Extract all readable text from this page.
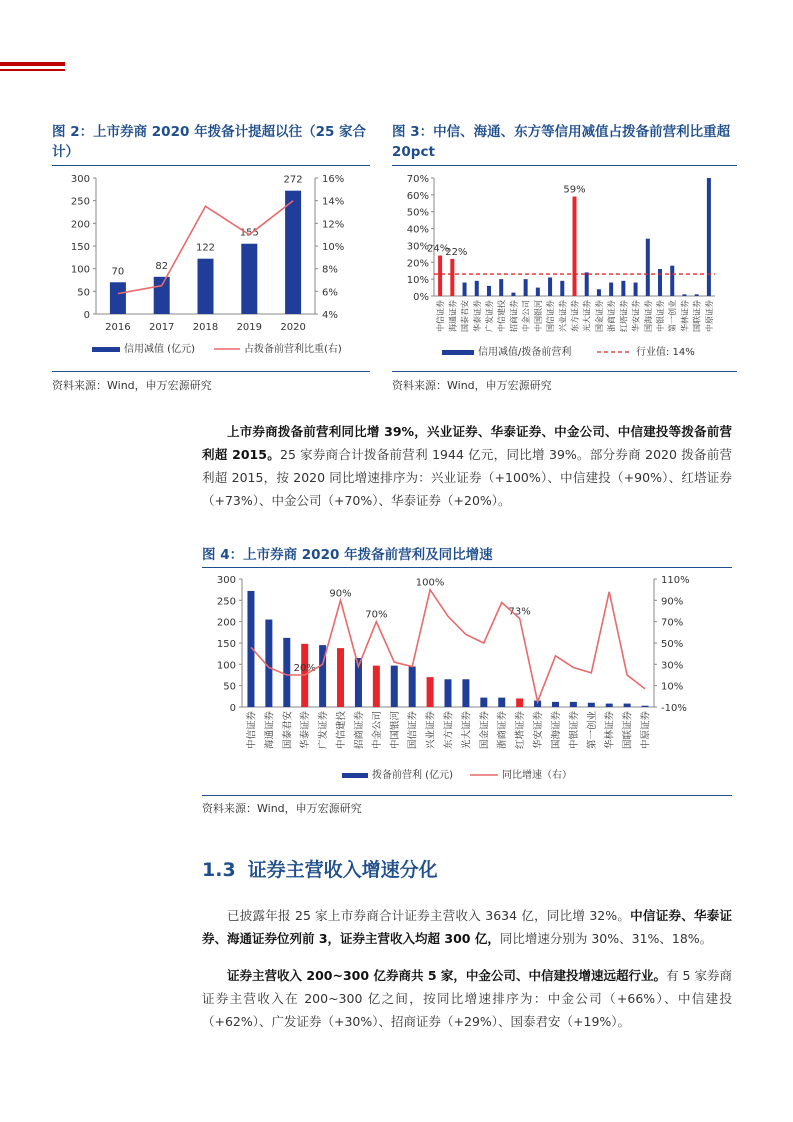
图 2：上市券商 2020 年拨备计提超以往（25 家合计）
0
50
100
150
200
250
300
4%
6%
8%
10%
12%
14%
16%
70
2016
82
2017
122
2018
155
2019
272
2020
信用减值 (亿元)	占拨备前营利比重(右)
资料来源：Wind，申万宏源研究
图 3：中信、海通、东方等信用减值占拨备前营利比重超 20pct
0%
10%
20%
30%
40%
50%
60%
70%
24%
中信证券
22%
海通证券 国泰君安 华泰证券 广发证券 中信建投 招商证券 中金公司 中国银河 国信证券 兴业证券
59%
东方证券 光大证券 国金证券 浙商证券 红塔证券 华安证券 国海证券 中银证券 第一创业 华林证券 国联证券 中原证券
信用减值/拨备前营利	行业值: 14%
资料来源：Wind，申万宏源研究
上市券商拨备前营利同比增 39%，兴业证券、华泰证券、中金公司、中信建投等拨备前营利超 2015。25 家券商合计拨备前营利 1944 亿元，同比增 39%。部分券商 2020 拨备前营利超 2015，按 2020 同比增速排序为：兴业证券（+100%）、中信建投（+90%）、红塔证券（+73%）、中金公司（+70%）、华泰证券（+20%）。
图 4：上市券商 2020 年拨备前营利及同比增速
0
50
100
150
200
250
300
-10%
10%
30%
50%
70%
90%
110%
中信证券 海通证券 国泰君安 华泰证券
20%
广发证券 中信建投
90%
招商证券 中金公司
70%
中国银河 国信证券 兴业证券
100%
东方证券 光大证券 国金证券 浙商证券 红塔证券
73%
华安证券 国海证券 中银证券 第一创业 华林证券 国联证券 中原证券
拨备前营利 (亿元)	同比增速（右）
资料来源：Wind，申万宏源研究
1.3 证券主营收入增速分化
已披露年报 25 家上市券商合计证券主营收入 3634 亿，同比增 32%。中信证券、华泰证券、海通证券位列前 3，证券主营收入均超 300 亿，同比增速分别为 30%、31%、18%。
证券主营收入 200~300 亿券商共 5 家，中金公司、中信建投增速远超行业。有 5 家券商证券主营收入在 200~300 亿之间，按同比增速排序为：中金公司（+66%）、中信建投（+62%）、广发证券（+30%）、招商证券（+29%）、国泰君安（+19%）。
